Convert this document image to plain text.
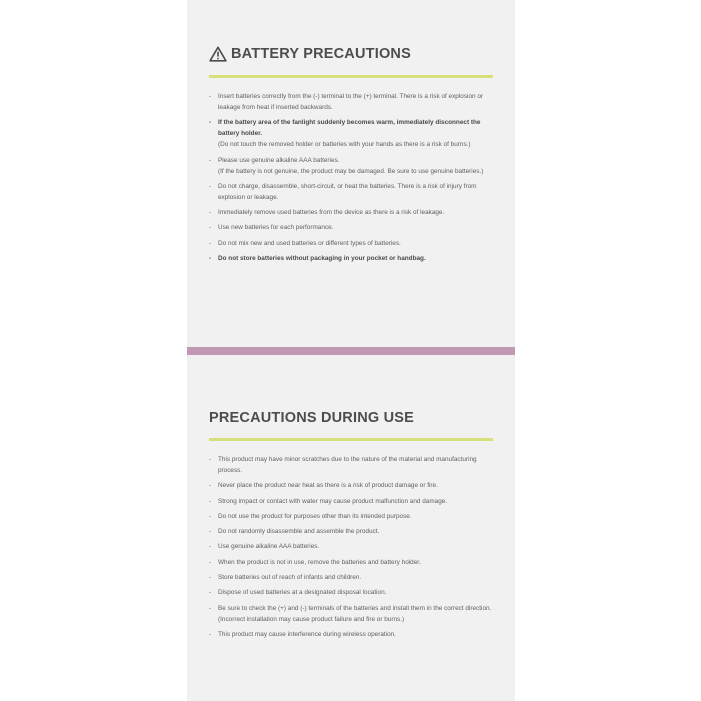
BATTERY PRECAUTIONS
- Insert batteries correctly from the (-) terminal to the (+) terminal. There is a risk of explosion or leakage from heat if inserted backwards.
- If the battery area of the fanlight suddenly becomes warm, immediately disconnect the battery holder.
(Do not touch the removed holder or batteries with your hands as there is a risk of burns.)
- Please use genuine alkaline AAA batteries.
(If the battery is not genuine, the product may be damaged. Be sure to use genuine batteries.)
- Do not charge, disassemble, short-circuit, or heat the batteries. There is a risk of injury from explosion or leakage.
- Immediately remove used batteries from the device as there is a risk of leakage.
- Use new batteries for each performance.
- Do not mix new and used batteries or different types of batteries.
- Do not store batteries without packaging in your pocket or handbag.
PRECAUTIONS DURING USE
- This product may have minor scratches due to the nature of the material and manufacturing process.
- Never place the product near heat as there is a risk of product damage or fire.
- Strong impact or contact with water may cause product malfunction and damage.
- Do not use the product for purposes other than its intended purpose.
- Do not randomly disassemble and assemble the product.
- Use genuine alkaline AAA batteries.
- When the product is not in use, remove the batteries and battery holder.
- Store batteries out of reach of infants and children.
- Dispose of used batteries at a designated disposal location.
- Be sure to check the (+) and (-) terminals of the batteries and install them in the correct direction.
(Incorrect installation may cause product failure and fire or burns.)
- This product may cause interference during wireless operation.
